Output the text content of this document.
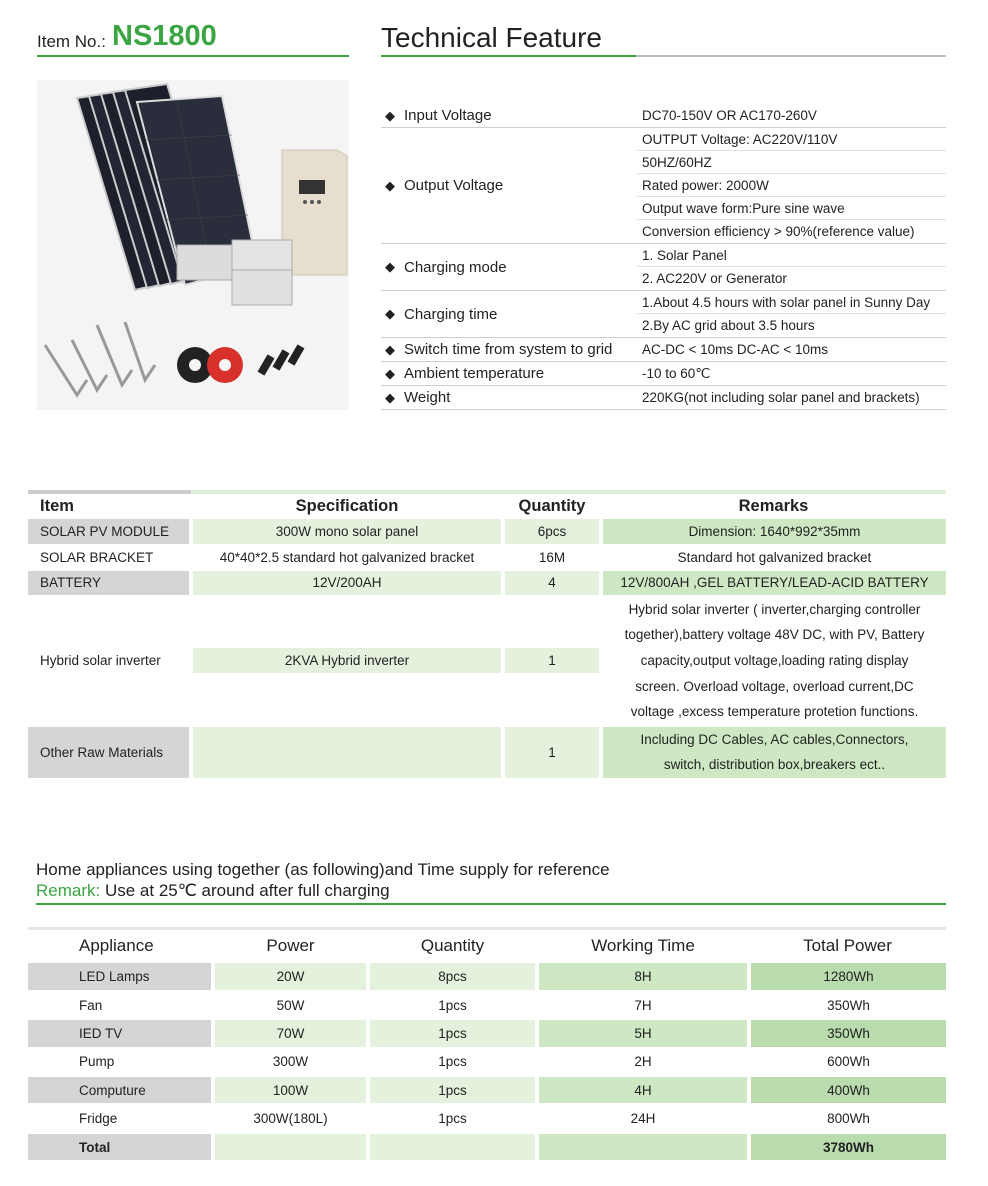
Item No.: NS1800	Technical Feature
◆ Input Voltage	DC70-150V OR AC170-260V
◆ Output Voltage
OUTPUT Voltage: AC220V/110V
50HZ/60HZ
Rated power: 2000W
Output wave form:Pure sine wave
Conversion efficiency > 90%(reference value)
◆ Charging mode
1. Solar Panel
2. AC220V or Generator
◆ Charging time
1.About 4.5 hours with solar panel in Sunny Day
2.By AC grid about 3.5 hours
◆ Switch time from system to grid	AC-DC < 10ms DC-AC < 10ms
◆ Ambient temperature	-10 to 60℃
◆ Weight	220KG(not including solar panel and brackets)
Item	Specification	Quantity	Remarks
SOLAR PV MODULE	300W mono solar panel	6pcs	Dimension: 1640*992*35mm
SOLAR BRACKET	40*40*2.5 standard hot galvanized bracket	16M	Standard hot galvanized bracket
BATTERY	12V/200AH	4	12V/800AH ,GEL BATTERY/LEAD-ACID BATTERY
Hybrid solar inverter	2KVA Hybrid inverter	1	Hybrid solar inverter ( inverter,charging controller
together),battery voltage 48V DC, with PV, Battery
capacity,output voltage,loading rating display
screen. Overload voltage, overload current,DC
voltage ,excess temperature protetion functions.

Other Raw Materials		1	Including DC Cables, AC cables,Connectors,
switch, distribution box,breakers ect..
Home appliances using together (as following)and Time supply for reference
Remark: Use at 25℃ around after full charging
Appliance	Power	Quantity	Working Time	Total Power
LED Lamps	20W	8pcs	8H	1280Wh
Fan	50W	1pcs	7H	350Wh
IED TV	70W	1pcs	5H	350Wh
Pump	300W	1pcs	2H	600Wh
Computure	100W	1pcs	4H	400Wh
Fridge	300W(180L)	1pcs	24H	800Wh
Total				3780Wh
